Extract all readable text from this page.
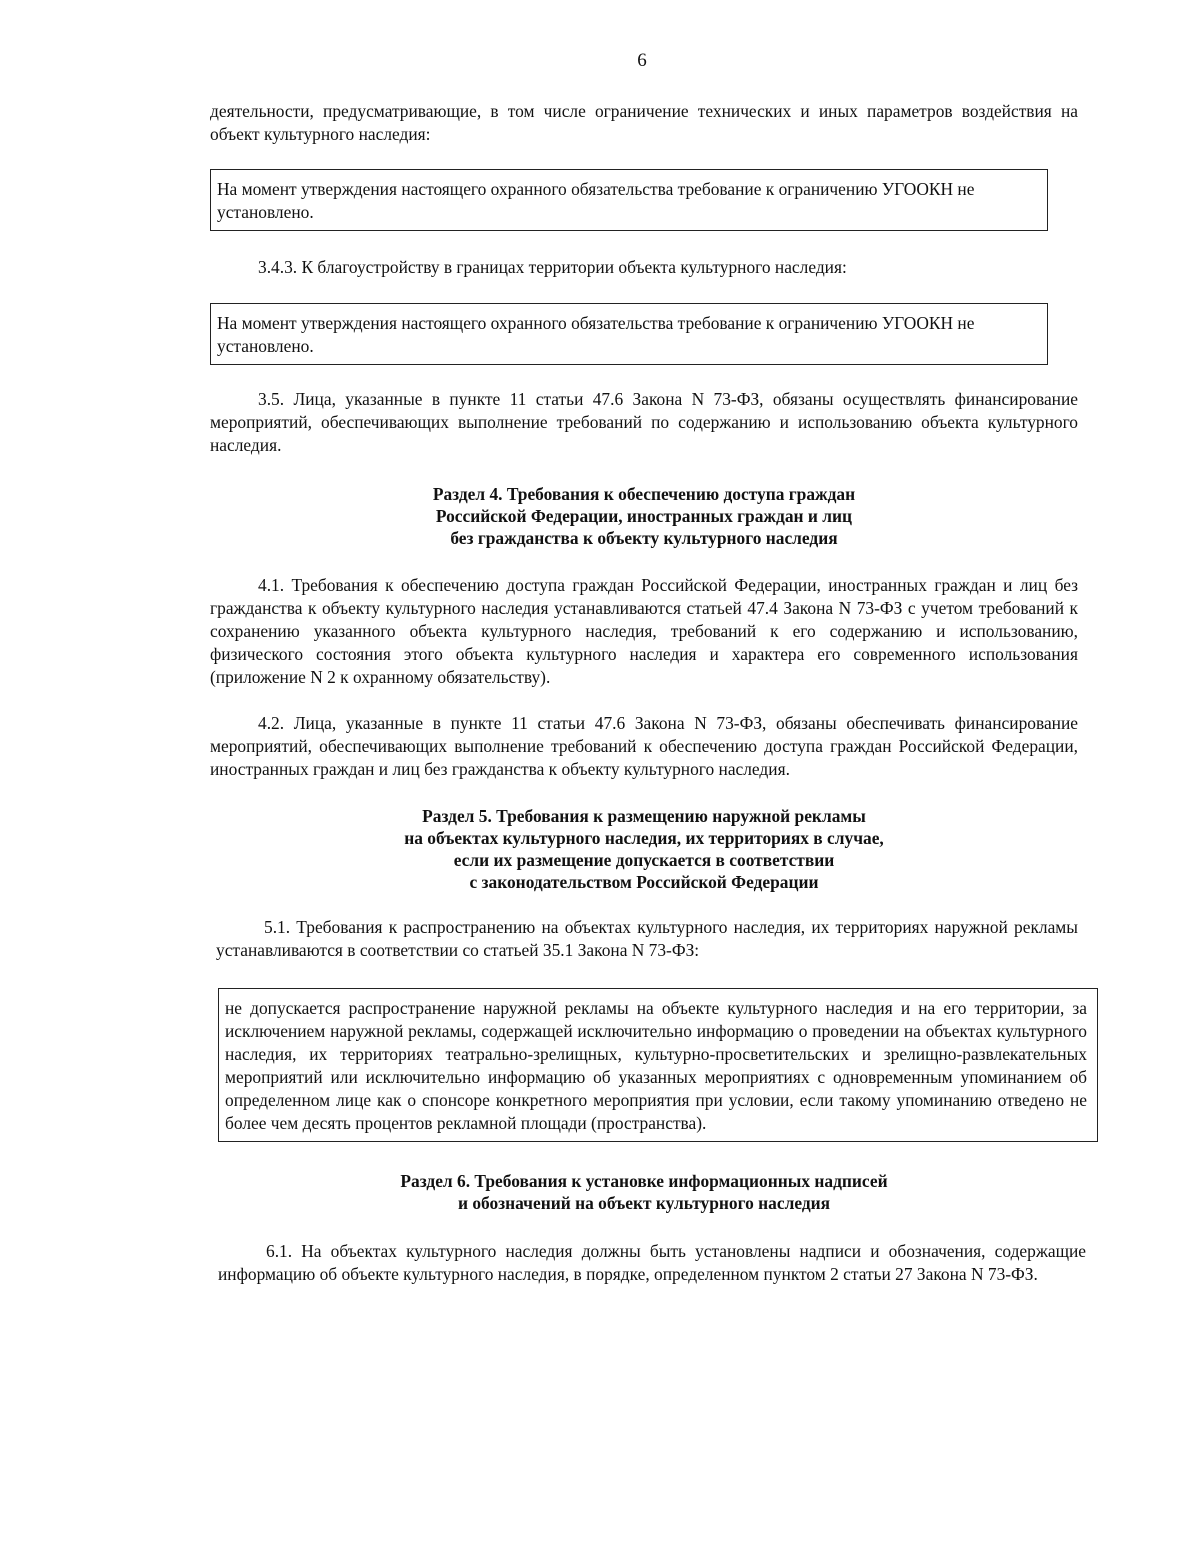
6

деятельности, предусматривающие, в том числе ограничение технических и иных параметров воздействия на объект культурного наследия:

На момент утверждения настоящего охранного обязательства требование к ограничению УГООКН не установлено.

3.4.3. К благоустройству в границах территории объекта культурного наследия:

На момент утверждения настоящего охранного обязательства требование к ограничению УГООКН не установлено.

3.5. Лица, указанные в пункте 11 статьи 47.6 Закона N 73-ФЗ, обязаны осуществлять финансирование мероприятий, обеспечивающих выполнение требований по содержанию и использованию объекта культурного наследия.

Раздел 4. Требования к обеспечению доступа граждан
Российской Федерации, иностранных граждан и лиц
без гражданства к объекту культурного наследия

4.1. Требования к обеспечению доступа граждан Российской Федерации, иностранных граждан и лиц без гражданства к объекту культурного наследия устанавливаются статьей 47.4 Закона N 73-ФЗ с учетом требований к сохранению указанного объекта культурного наследия, требований к его содержанию и использованию, физического состояния этого объекта культурного наследия и характера его современного использования (приложение N 2 к охранному обязательству).

4.2. Лица, указанные в пункте 11 статьи 47.6 Закона N 73-ФЗ, обязаны обеспечивать финансирование мероприятий, обеспечивающих выполнение требований к обеспечению доступа граждан Российской Федерации, иностранных граждан и лиц без гражданства к объекту культурного наследия.

Раздел 5. Требования к размещению наружной рекламы
на объектах культурного наследия, их территориях в случае,
если их размещение допускается в соответствии
с законодательством Российской Федерации

5.1. Требования к распространению на объектах культурного наследия, их территориях наружной рекламы устанавливаются в соответствии со статьей 35.1 Закона N 73-ФЗ:

не допускается распространение наружной рекламы на объекте культурного наследия и на его территории, за исключением наружной рекламы, содержащей исключительно информацию о проведении на объектах культурного наследия, их территориях театрально-зрелищных, культурно-просветительских и зрелищно-развлекательных мероприятий или исключительно информацию об указанных мероприятиях с одновременным упоминанием об определенном лице как о спонсоре конкретного мероприятия при условии, если такому упоминанию отведено не более чем десять процентов рекламной площади (пространства).
Раздел 6. Требования к установке информационных надписей
и обозначений на объект культурного наследия

6.1. На объектах культурного наследия должны быть установлены надписи и обозначения, содержащие информацию об объекте культурного наследия, в порядке, определенном пунктом 2 статьи 27 Закона N 73-ФЗ.
